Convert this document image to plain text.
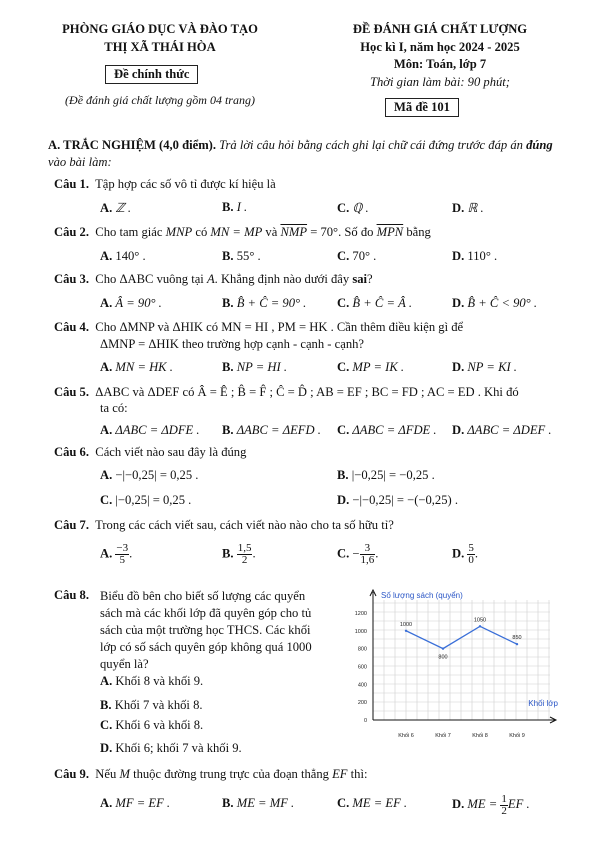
PHÒNG GIÁO DỤC VÀ ĐÀO TẠO
THỊ XÃ THÁI HÒA
Đề chính thức
(Đề đánh giá chất lượng gồm 04 trang)
ĐỀ ĐÁNH GIÁ CHẤT LƯỢNG
Học kì I, năm học 2024 - 2025
Môn: Toán, lớp 7
Thời gian làm bài: 90 phút;
Mã đề 101
A. TRẮC NGHIỆM (4,0 điểm). Trả lời câu hỏi bằng cách ghi lại chữ cái đứng trước đáp án đúng vào bài làm:
Câu 1. Tập hợp các số vô tỉ được kí hiệu là
A. ℤ .	B. I .	C. ℚ .	D. ℝ .
Câu 2. Cho tam giác MNP có MN = MP và $\overline{NMP} = 70^\circ$. Số đo $\overline{MPN}$ bằng
A. 140° .	B. 55° .	C. 70° .	D. 110° .
Câu 3. Cho ΔABC vuông tại A. Khẳng định nào dưới đây sai?
A. Â = 90° .	B. B̂ + Ĉ = 90° . C. B̂ + Ĉ = Â .	D. B̂ + Ĉ < 90° .
Câu 4. Cho ΔMNP và ΔHIK có MN = HI , PM = HK . Cần thêm điều kiện gì để
ΔMNP = ΔHIK theo trường hợp cạnh - cạnh - cạnh?
A. MN = HK .	B. NP = HI .	C. MP = IK .	D. NP = KI .
Câu 5. ΔABC và ΔDEF có Â = Ê ; B̂ = F̂ ; Ĉ = D̂ ; AB = EF ; BC = FD ; AC = ED . Khi đó
ta có:
A. ΔABC = ΔDFE . B. ΔABC = ΔEFD . C. ΔABC = ΔFDE . D. ΔABC = ΔDEF .
Câu 6. Cách viết nào sau đây là đúng
A. −|−0,25| = 0,25 .	B. |−0,25| = −0,25 .
C. |−0,25| = 0,25 .	D. −|−0,25| = −(−0,25) .
Câu 7. Trong các cách viết sau, cách viết nào nào cho ta số hữu tỉ?
A. $\frac{-3}{5}$ .	B. $\frac{1,5}{2}$ .	C. − $\frac{3}{1,6}$ .	D. $\frac{5}{0}$ .
Câu 8. Biểu đồ bên cho biết số lượng các quyển
sách mà các khối lớp đã quyên góp cho tủ
sách của một trường học THCS. Các khối
lớp có số sách quyên góp không quá 1000
quyển là?
A. Khối 8 và khối 9.
B. Khối 7 và khối 8.
C. Khối 6 và khối 8.
D. Khối 6; khối 7 và khối 9.
0
200
400
600
800
1000
1200
Số lượng sách (quyển)
Khối lớp
Khối 6	Khối 7	Khối 8	Khối 9
1000
800
1050
850
Câu 9. Nếu M thuộc đường trung trực của đoạn thẳng EF thì:
A. MF = EF .	B. ME = MF .	C. ME = EF .	D. ME = $\frac{1}{2}$ EF .
